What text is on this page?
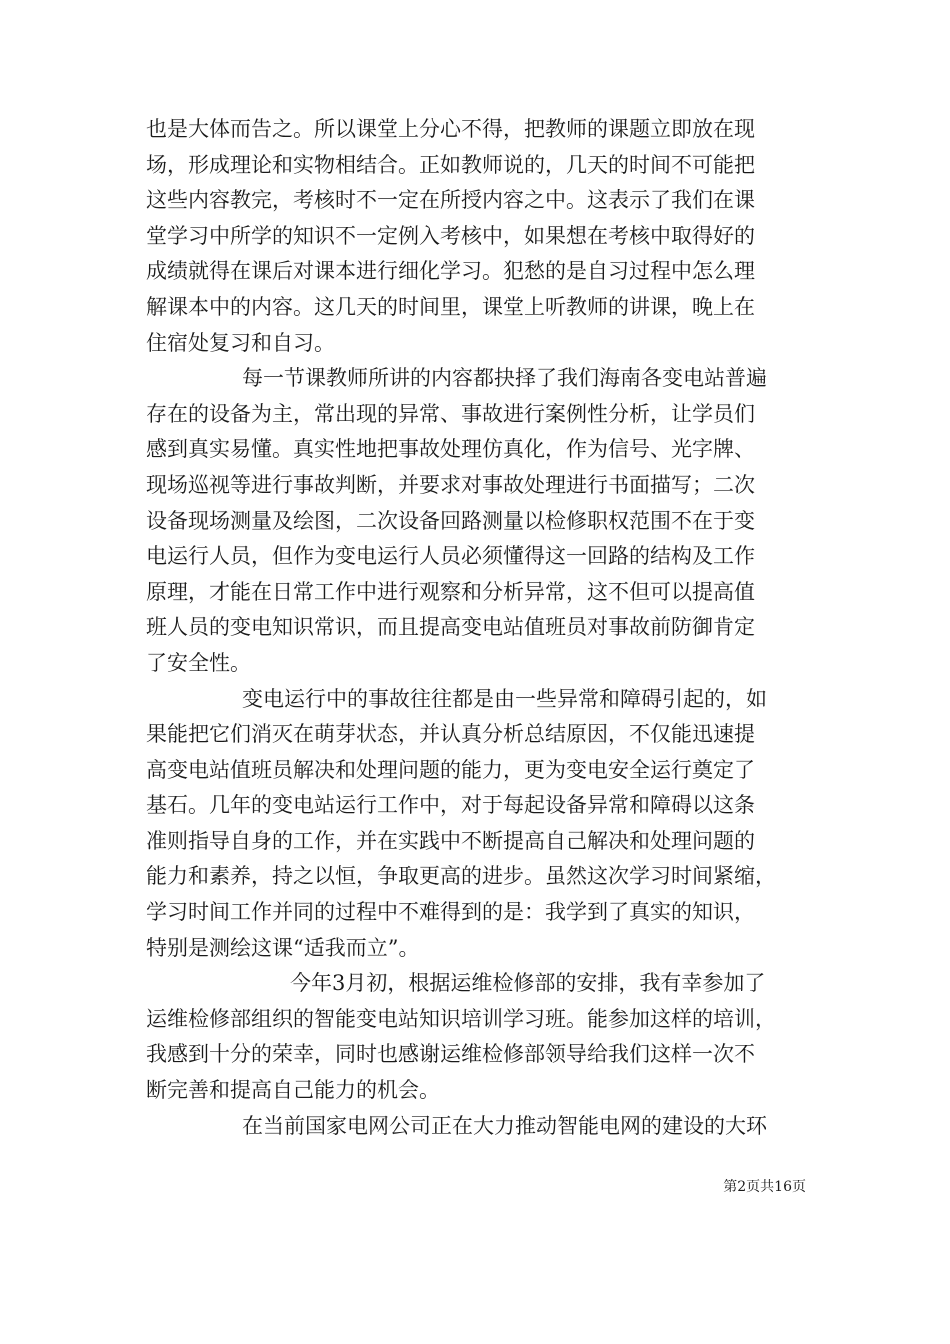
也是大体而告之。所以课堂上分心不得，把教师的课题立即放在现
场，形成理论和实物相结合。正如教师说的，几天的时间不可能把
这些内容教完，考核时不一定在所授内容之中。这表示了我们在课
堂学习中所学的知识不一定例入考核中，如果想在考核中取得好的
成绩就得在课后对课本进行细化学习。犯愁的是自习过程中怎么理
解课本中的内容。这几天的时间里，课堂上听教师的讲课，晚上在
住宿处复习和自习。
每一节课教师所讲的内容都抉择了我们海南各变电站普遍
存在的设备为主，常出现的异常、事故进行案例性分析，让学员们
感到真实易懂。真实性地把事故处理仿真化，作为信号、光字牌、
现场巡视等进行事故判断，并要求对事故处理进行书面描写；二次
设备现场测量及绘图，二次设备回路测量以检修职权范围不在于变
电运行人员，但作为变电运行人员必须懂得这一回路的结构及工作
原理，才能在日常工作中进行观察和分析异常，这不但可以提高值
班人员的变电知识常识，而且提高变电站值班员对事故前防御肯定
了安全性。
变电运行中的事故往往都是由一些异常和障碍引起的，如
果能把它们消灭在萌芽状态，并认真分析总结原因，不仅能迅速提
高变电站值班员解决和处理问题的能力，更为变电安全运行奠定了
基石。几年的变电站运行工作中，对于每起设备异常和障碍以这条
准则指导自身的工作，并在实践中不断提高自己解决和处理问题的
能力和素养，持之以恒，争取更高的进步。虽然这次学习时间紧缩，
学习时间工作并同的过程中不难得到的是：我学到了真实的知识，
特别是测绘这课“适我而立”。
今年3月初，根据运维检修部的安排，我有幸参加了
运维检修部组织的智能变电站知识培训学习班。能参加这样的培训，
我感到十分的荣幸，同时也感谢运维检修部领导给我们这样一次不
断完善和提高自己能力的机会。
在当前国家电网公司正在大力推动智能电网的建设的大环
第2页共16页
